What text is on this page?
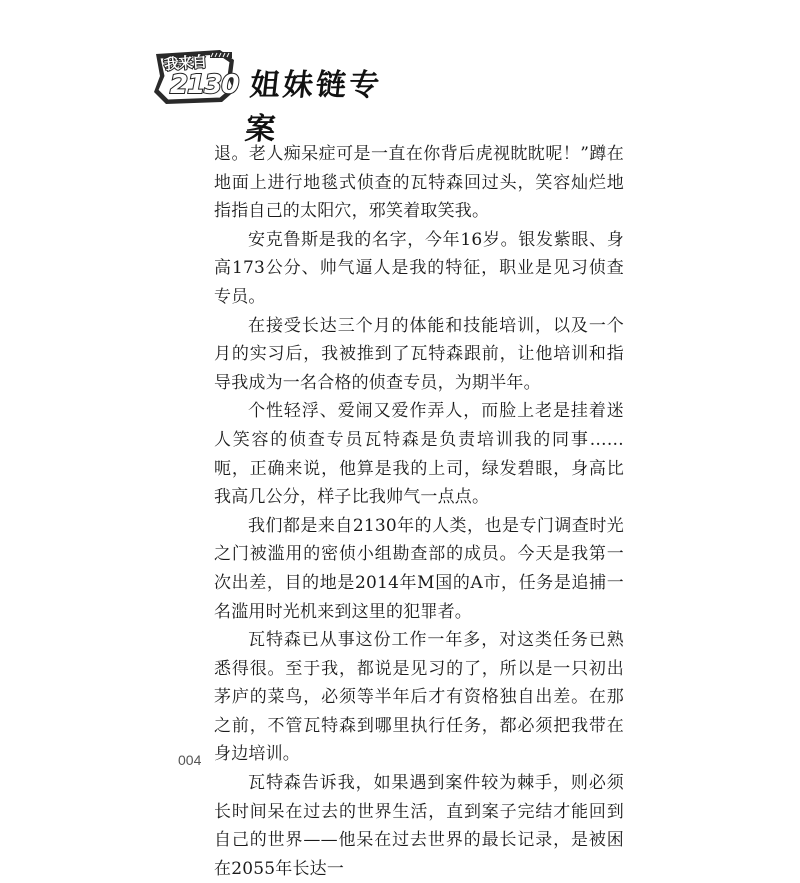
我来自
2130 姐妹链专案

退。老人痴呆症可是一直在你背后虎视眈眈呢！”蹲在地面上进行地毯式侦查的瓦特森回过头，笑容灿烂地指指自己的太阳穴，邪笑着取笑我。

安克鲁斯是我的名字，今年16岁。银发紫眼、身高173公分、帅气逼人是我的特征，职业是见习侦查专员。

在接受长达三个月的体能和技能培训，以及一个月的实习后，我被推到了瓦特森跟前，让他培训和指导我成为一名合格的侦查专员，为期半年。

个性轻浮、爱闹又爱作弄人，而脸上老是挂着迷人笑容的侦查专员瓦特森是负责培训我的同事……呃，正确来说，他算是我的上司，绿发碧眼，身高比我高几公分，样子比我帅气一点点。

我们都是来自2130年的人类，也是专门调查时光之门被滥用的密侦小组勘查部的成员。今天是我第一次出差，目的地是2014年M国的A市，任务是追捕一名滥用时光机来到这里的犯罪者。

瓦特森已从事这份工作一年多，对这类任务已熟悉得很。至于我，都说是见习的了，所以是一只初出茅庐的菜鸟，必须等半年后才有资格独自出差。在那之前，不管瓦特森到哪里执行任务，都必须把我带在身边培训。

瓦特森告诉我，如果遇到案件较为棘手，则必须长时间呆在过去的世界生活，直到案子完结才能回到自己的世界——他呆在过去世界的最长记录，是被困在2055年长达一

004
